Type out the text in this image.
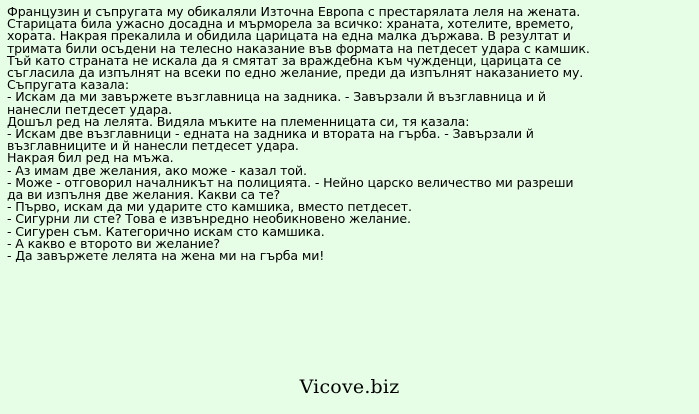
Французин и съпругата му обикаляли Източна Европа с престарялата леля на жената.
Старицата била ужасно досадна и мърморела за всичко: храната, хотелите, времето,
хората. Накрая прекалила и обидила царицата на една малка държава. В резултат и
тримата били осъдени на телесно наказание във формата на петдесет удара с камшик.
Тъй като страната не искала да я смятат за враждебна към чужденци, царицата се
съгласила да изпълнят на всеки по едно желание, преди да изпълнят наказанието му.
Съпругата казала:
- Искам да ми завържете възглавница на задника. - Завързали й възглавница и й
нанесли петдесет удара.
Дошъл ред на лелята. Видяла мъките на племенницата си, тя казала:
- Искам две възглавници - едната на задника и втората на гърба. - Завързали й
възглавниците и й нанесли петдесет удара.
Накрая бил ред на мъжа.
- Аз имам две желания, ако може - казал той.
- Може - отговорил началникът на полицията. - Нейно царско величество ми разреши
да ви изпълня две желания. Какви са те?
- Първо, искам да ми ударите сто камшика, вместо петдесет.
- Сигурни ли сте? Това е извънредно необикновено желание.
- Сигурен съм. Категорично искам сто камшика.
- А какво е второто ви желание?
- Да завържете лелята на жена ми на гърба ми!
Vicove.biz
